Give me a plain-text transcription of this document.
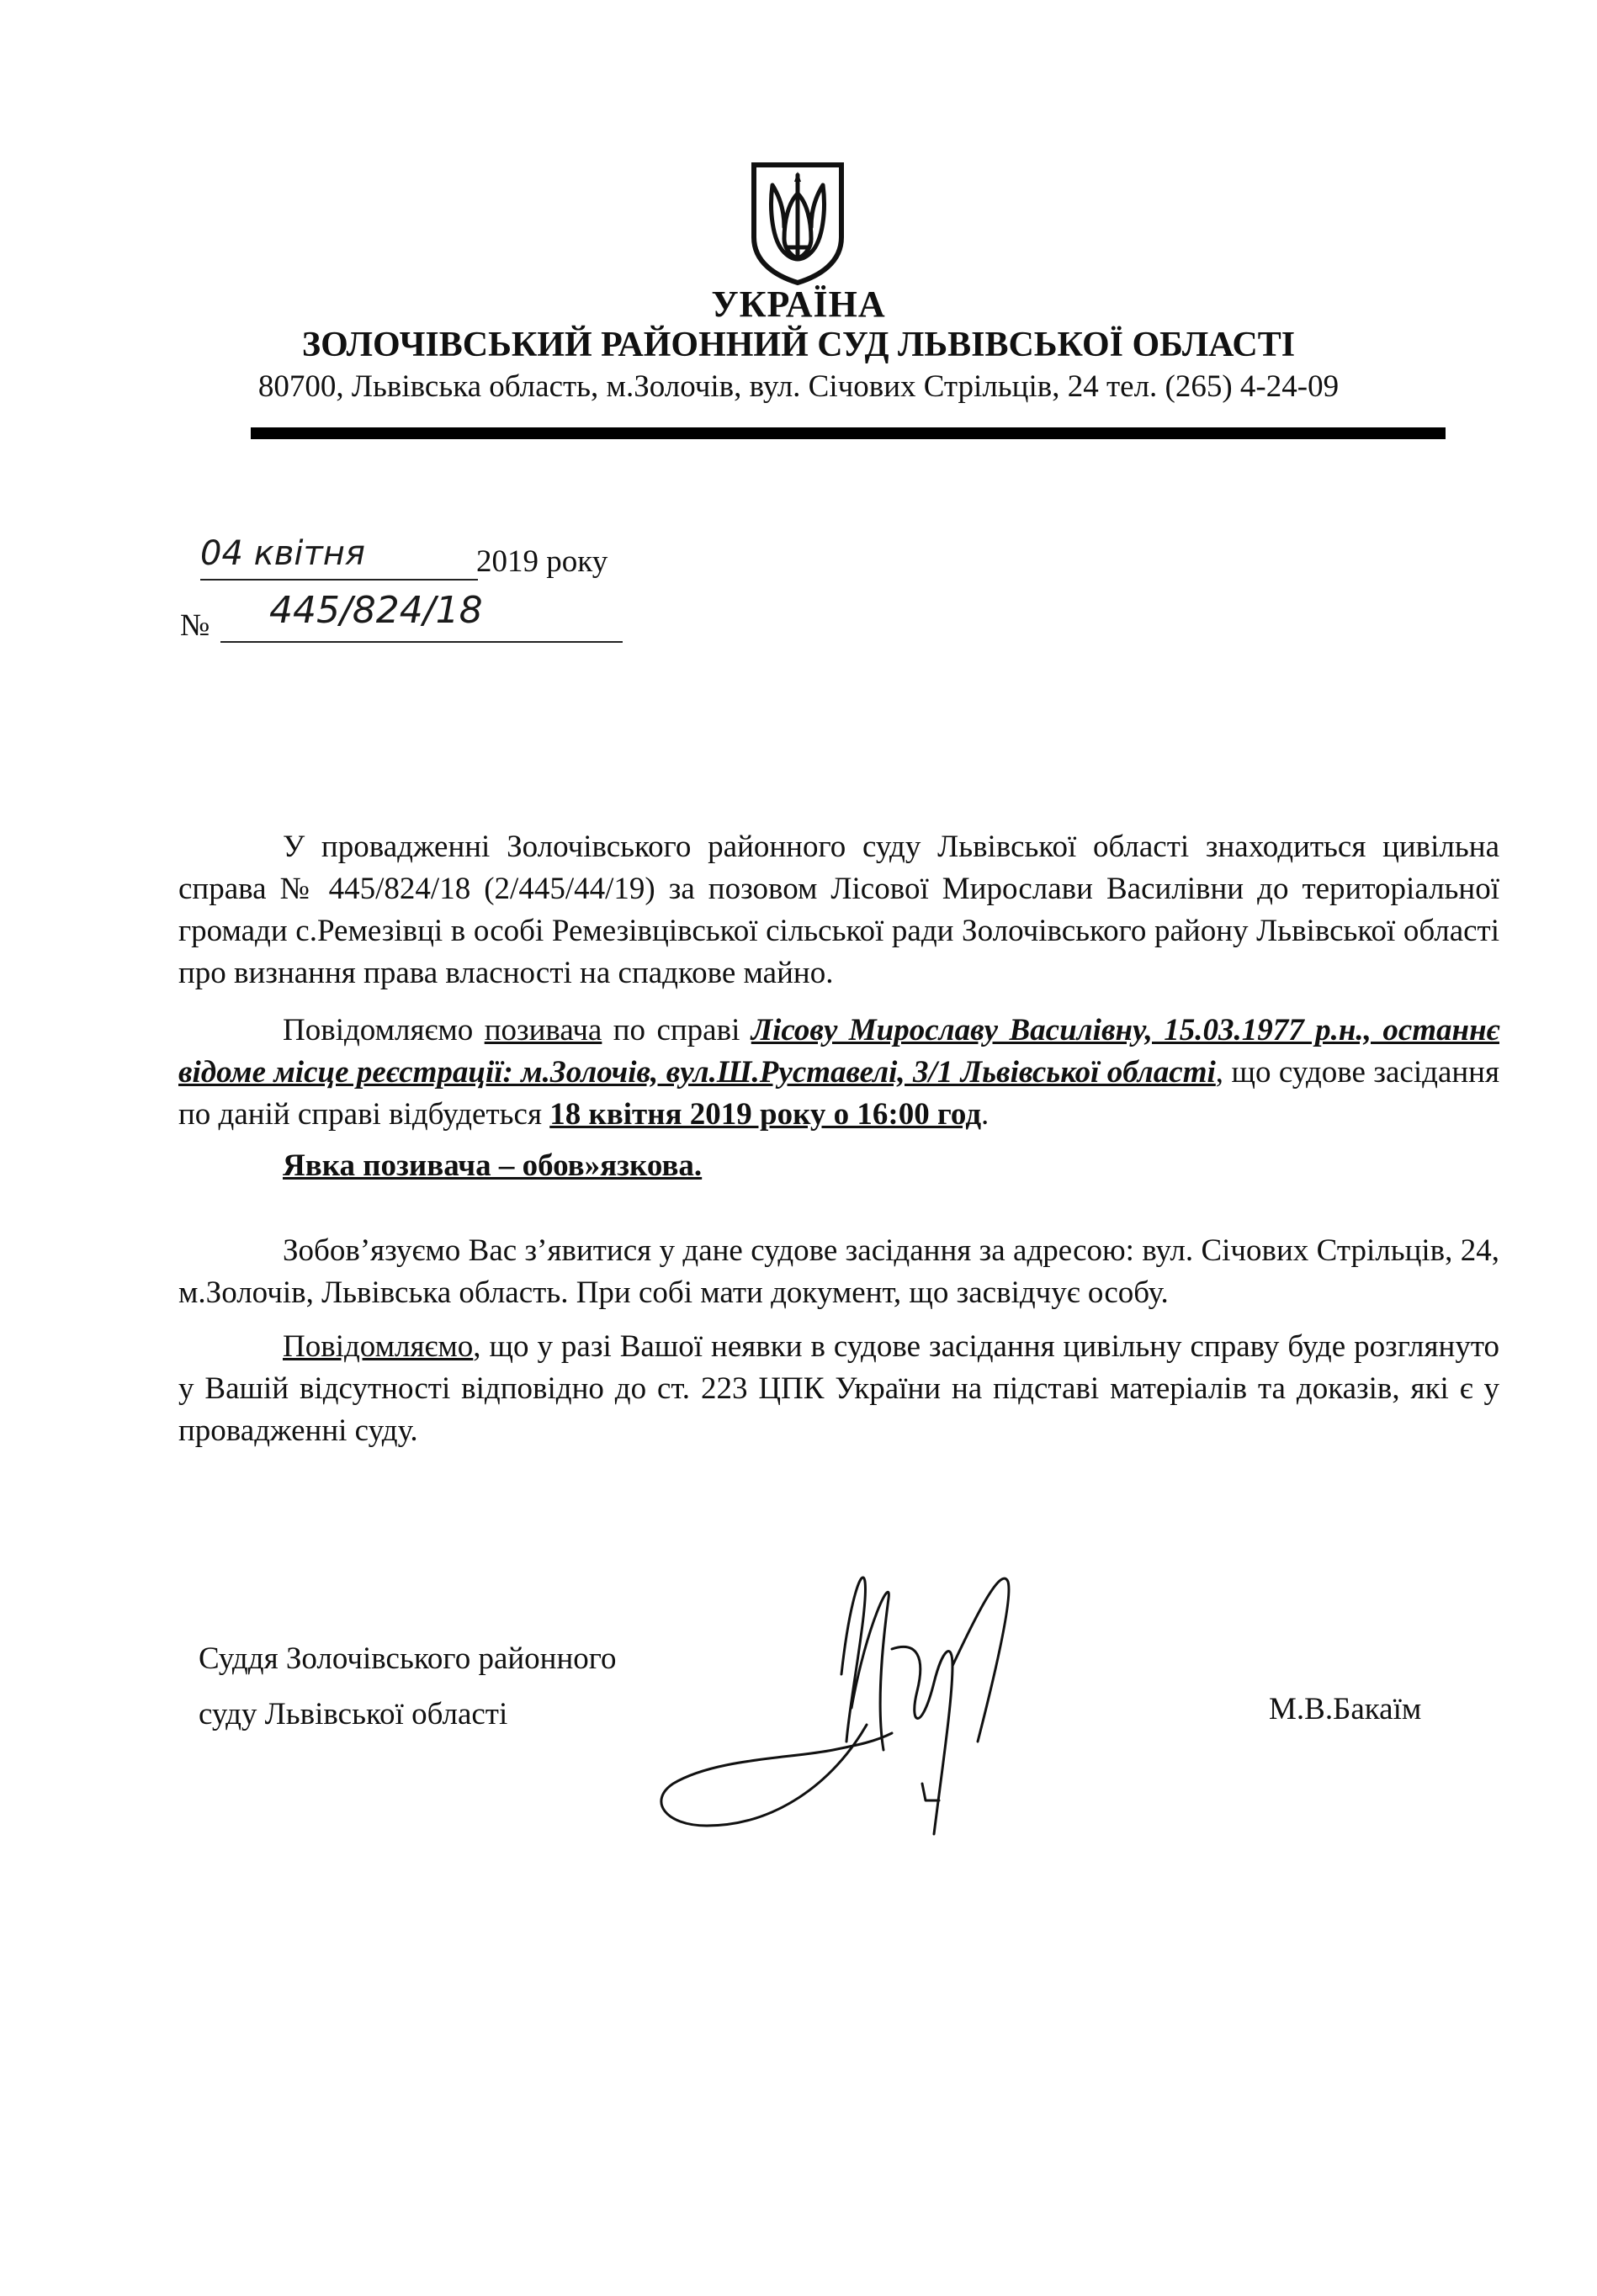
УКРАЇНА
ЗОЛОЧІВСЬКИЙ РАЙОННИЙ СУД ЛЬВІВСЬКОЇ ОБЛАСТІ
80700, Львівська область, м.Золочів, вул. Січових Стрільців, 24 тел. (265) 4-24-09
04 квітня	2019 року
№ 445/824/18
У провадженні Золочівського районного суду Львівської області знаходиться цивільна справа № 445/824/18 (2/445/44/19) за позовом Лісової Мирослави Василівни до територіальної громади с.Ремезівці в особі Ремезівцівської сільської ради Золочівського району Львівської області про визнання права власності на спадкове майно.
Повідомляємо позивача по справі Лісову Мирославу Василівну, 15.03.1977 р.н., останнє відоме місце реєстрації: м.Золочів, вул.Ш.Руставелі, 3/1 Львівської області, що судове засідання по даній справі відбудеться 18 квітня 2019 року о 16:00 год.
Явка позивача – обов»язкова.
Зобов’язуємо Вас з’явитися у дане судове засідання за адресою: вул. Січових Стрільців, 24, м.Золочів, Львівська область. При собі мати документ, що засвідчує особу.
Повідомляємо, що у разі Вашої неявки в судове засідання цивільну справу буде розглянуто у Вашій відсутності відповідно до ст. 223 ЦПК України на підставі матеріалів та доказів, які є у провадженні суду.
Суддя Золочівського районного
суду Львівської області	М.В.Бакаїм
